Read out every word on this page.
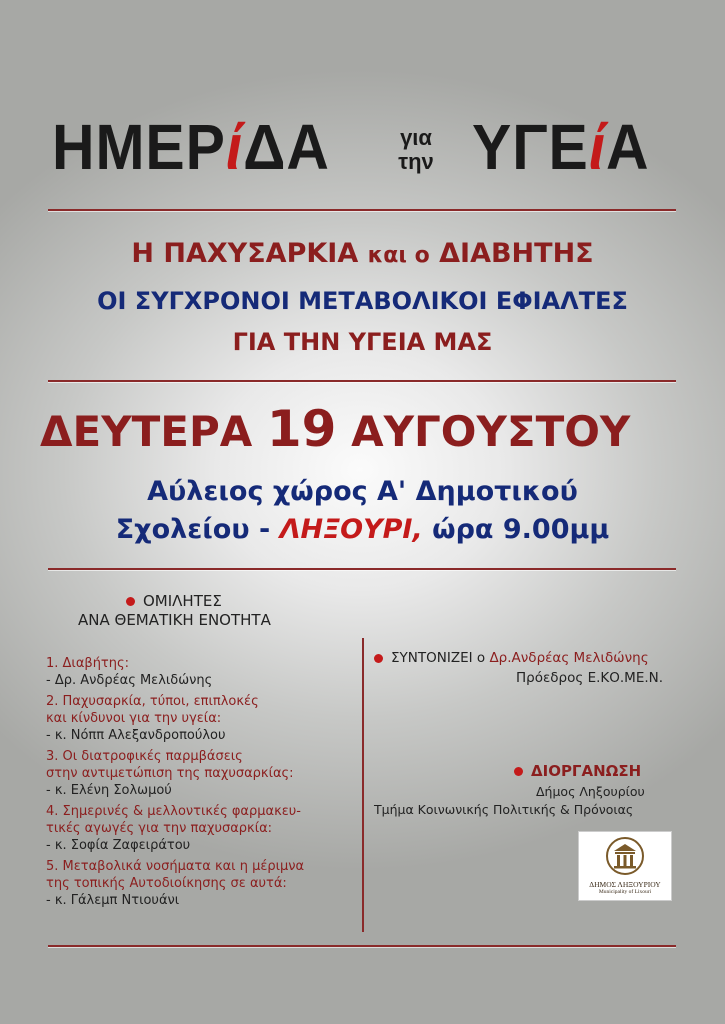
ΗΜΕΡίΔΑ	για
την ΥΓΕίΑ
Η ΠΑΧΥΣΑΡΚΙΑ και ο ΔΙΑΒΗΤΗΣ
ΟΙ ΣΥΓΧΡΟΝΟΙ ΜΕΤΑΒΟΛΙΚΟΙ ΕΦΙΑΛΤΕΣ
ΓΙΑ ΤΗΝ ΥΓΕΙΑ ΜΑΣ
ΔΕΥΤΕΡΑ 19 ΑΥΓΟΥΣΤΟΥ
Αύλειος χώρος Α' Δημοτικού
Σχολείου - ΛΗΞΟΥΡΙ, ώρα 9.00μμ
ΟΜΙΛΗΤΕΣ
ΑΝΑ ΘΕΜΑΤΙΚΗ ΕΝΟΤΗΤΑ
1. Διαβήτης:
- Δρ. Ανδρέας Μελιδώνης
2. Παχυσαρκία, τύποι, επιπλοκές
και κίνδυνοι για την υγεία:
- κ. Νόππ Αλεξανδροπούλου
3. Οι διατροφικές παρμβάσεις
στην αντιμετώπιση της παχυσαρκίας:
- κ. Ελένη Σολωμού
4. Σημερινές & μελλοντικές φαρμακευ-
τικές αγωγές για την παχυσαρκία:
- κ. Σοφία Ζαφειράτου
5. Μεταβολικά νοσήματα και η μέριμνα
της τοπικής Αυτοδιοίκησης σε αυτά:
- κ. Γάλεμπ Ντιουάνι
ΣΥΝΤΟΝΙΖΕΙ ο Δρ.Ανδρέας Μελιδώνης
Πρόεδρος Ε.ΚΟ.ΜΕ.Ν.
ΔΙΟΡΓΑΝΩΣΗ
Δήμος Ληξουρίου
Τμήμα Κοινωνικής Πολιτικής & Πρόνοιας
ΔΗΜΟΣ ΛΗΞΟΥΡΙΟΥ
Municipality of Lixouri
